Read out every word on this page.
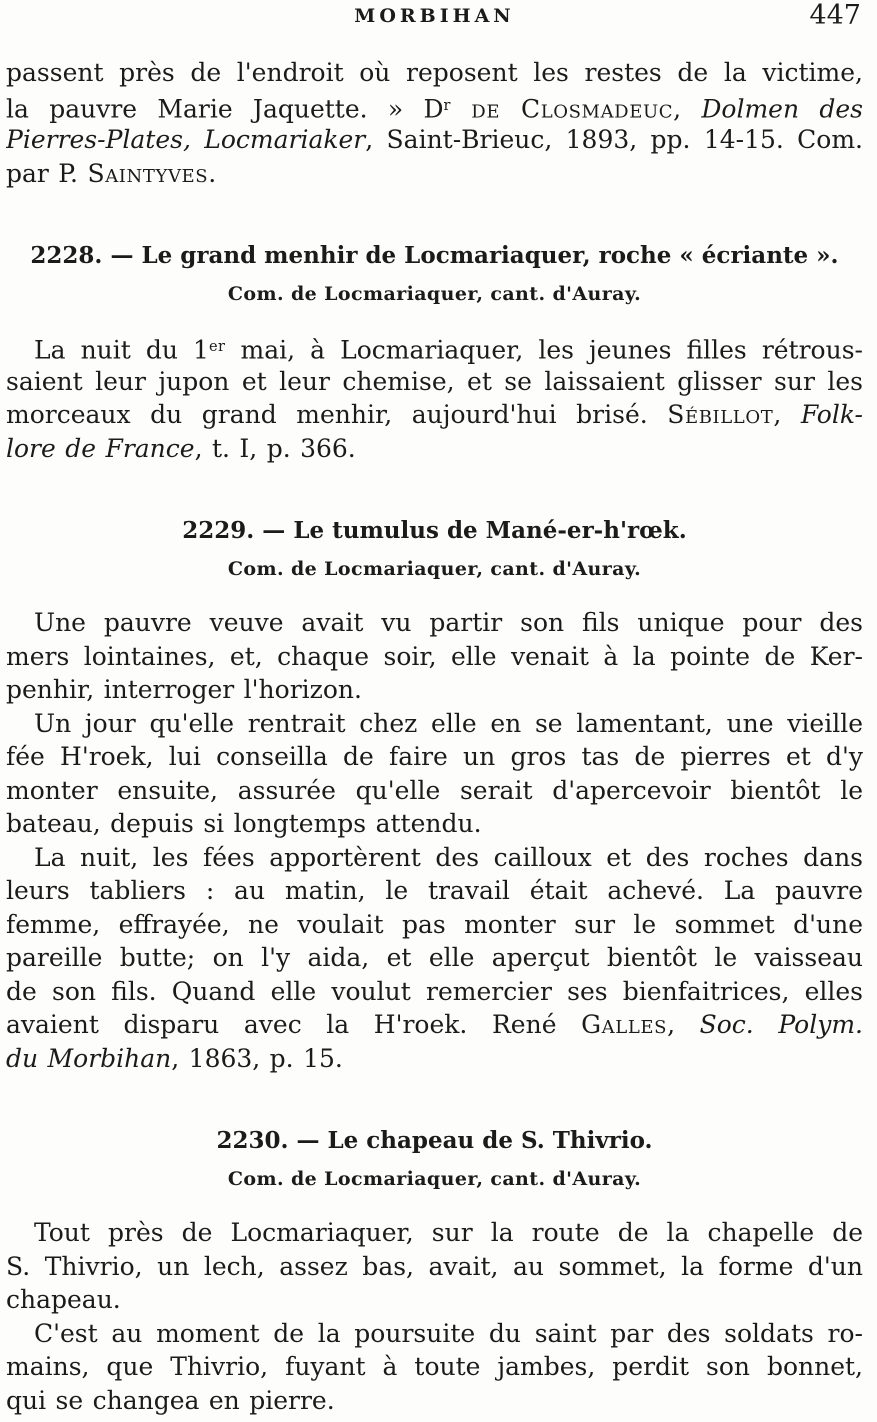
MORBIHAN	447
passent près de l'endroit où reposent les restes de la victime,
la pauvre Marie Jaquette. » $D^r$ de Closmadeuc, Dolmen des
Pierres-Plates, Locmariaker, Saint-Brieuc, 1893, pp. 14-15. Com.
par P. Saintyves.
2228. — Le grand menhir de Locmariaquer, roche « écriante ».
Com. de Locmariaquer, cant. d'Auray.
La nuit du 1er mai, à Locmariaquer, les jeunes filles rétrous-
saient leur jupon et leur chemise, et se laissaient glisser sur les
morceaux du grand menhir, aujourd'hui brisé. Sébillot, Folk-
lore de France, t. I, p. 366.
2229. — Le tumulus de Mané-er-h'rœk.
Com. de Locmariaquer, cant. d'Auray.
Une pauvre veuve avait vu partir son fils unique pour des
mers lointaines, et, chaque soir, elle venait à la pointe de Ker-
penhir, interroger l'horizon.
Un jour qu'elle rentrait chez elle en se lamentant, une vieille
fée H'roek, lui conseilla de faire un gros tas de pierres et d'y
monter ensuite, assurée qu'elle serait d'apercevoir bientôt le
bateau, depuis si longtemps attendu.
La nuit, les fées apportèrent des cailloux et des roches dans
leurs tabliers : au matin, le travail était achevé. La pauvre
femme, effrayée, ne voulait pas monter sur le sommet d'une
pareille butte; on l'y aida, et elle aperçut bientôt le vaisseau
de son fils. Quand elle voulut remercier ses bienfaitrices, elles
avaient disparu avec la H'roek. René Galles, Soc. Polym.
du Morbihan, 1863, p. 15.
2230. — Le chapeau de S. Thivrio.
Com. de Locmariaquer, cant. d'Auray.
Tout près de Locmariaquer, sur la route de la chapelle de
S. Thivrio, un lech, assez bas, avait, au sommet, la forme d'un
chapeau.
C'est au moment de la poursuite du saint par des soldats ro-
mains, que Thivrio, fuyant à toute jambes, perdit son bonnet,
qui se changea en pierre.
